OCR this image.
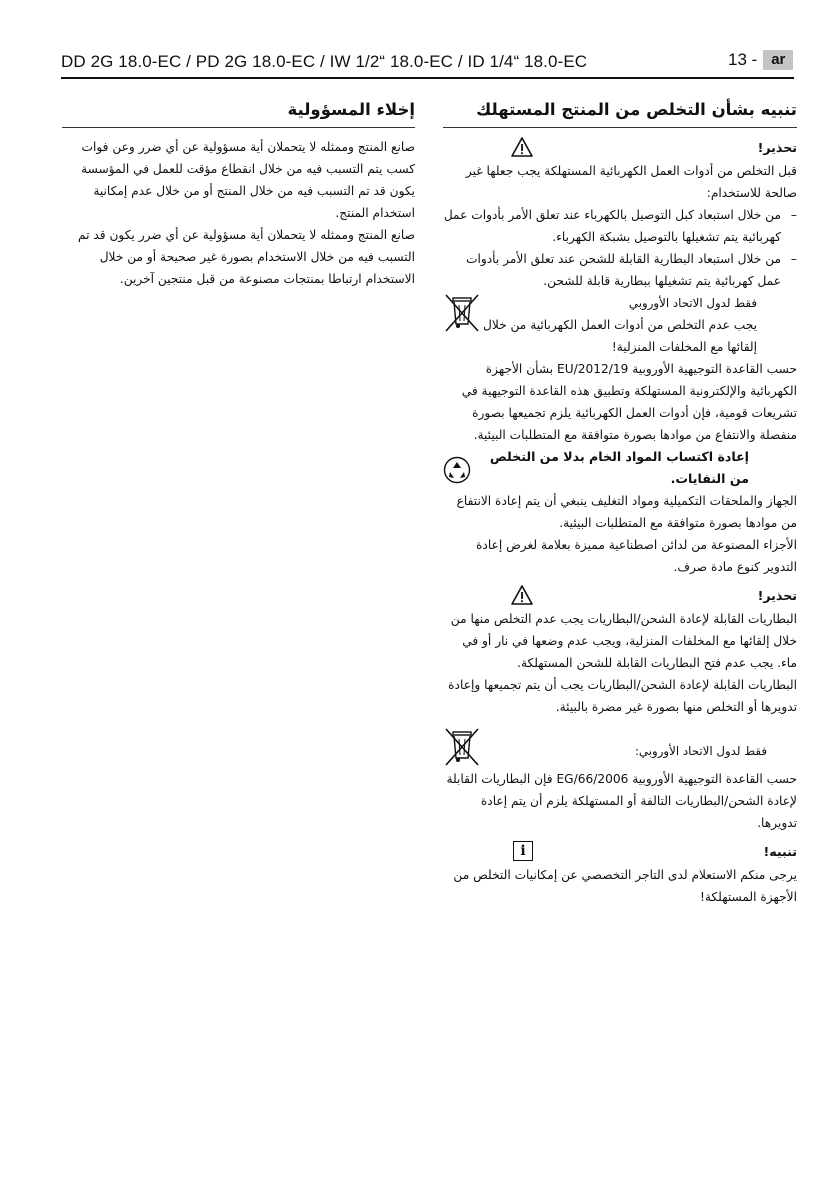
DD 2G 18.0-EC / PD 2G 18.0-EC / IW 1/2“ 18.0-EC / ID 1/4“ 18.0-EC	13 - ar
تنبيه بشأن التخلص من المنتج المستهلك
تحذير!

قبل التخلص من أدوات العمل الكهربائية المستهلكة يجب جعلها غير صالحة للاستخدام:

– من خلال استبعاد كبل التوصيل بالكهرباء عند تعلق الأمر بأدوات عمل كهربائية يتم تشغيلها بالتوصيل بشبكة الكهرباء.
– من خلال استبعاد البطارية القابلة للشحن عند تعلق الأمر بأدوات عمل كهربائية يتم تشغيلها ببطارية قابلة للشحن.

فقط لدول الاتحاد الأوروبي

يجب عدم التخلص من أدوات العمل الكهربائية من خلال إلقائها مع المخلفات المنزلية!

حسب القاعدة التوجيهية الأوروبية 2012/19/EU بشأن الأجهزة الكهربائية والإلكترونية المستهلكة وتطبيق هذه القاعدة التوجيهية في تشريعات قومية، فإن أدوات العمل الكهربائية يلزم تجميعها بصورة منفصلة والانتفاع من موادها بصورة متوافقة مع المتطلبات البيئية.

إعادة اكتساب المواد الخام بدلا من التخلص من النفايات.

الجهاز والملحقات التكميلية ومواد التغليف ينبغي أن يتم إعادة الانتفاع من موادها بصورة متوافقة مع المتطلبات البيئية.

الأجزاء المصنوعة من لدائن اصطناعية مميزة بعلامة لغرض إعادة التدوير كنوع مادة صرف.

تحذير!

البطاريات القابلة لإعادة الشحن/البطاريات يجب عدم التخلص منها من خلال إلقائها مع المخلفات المنزلية، ويجب عدم وضعها في نار أو في ماء. يجب عدم فتح البطاريات القابلة للشحن المستهلكة.

البطاريات القابلة لإعادة الشحن/البطاريات يجب أن يتم تجميعها وإعادة تدويرها أو التخلص منها بصورة غير مضرة بالبيئة.

فقط لدول الاتحاد الأوروبي:

حسب القاعدة التوجيهية الأوروبية EG/66/2006 فإن البطاريات القابلة لإعادة الشحن/البطاريات التالفة أو المستهلكة يلزم أن يتم إعادة تدويرها.

تنبيه!
i

يرجى منكم الاستعلام لدى التاجر التخصصي عن إمكانيات التخلص من الأجهزة المستهلكة!

إخلاء المسؤولية

صانع المنتج وممثله لا يتحملان أية مسؤولية عن أي ضرر وعن فوات كسب يتم التسبب فيه من خلال انقطاع مؤقت للعمل في المؤسسة يكون قد تم التسبب فيه من خلال المنتج أو من خلال عدم إمكانية استخدام المنتج.

صانع المنتج وممثله لا يتحملان أية مسؤولية عن أي ضرر يكون قد تم التسبب فيه من خلال الاستخدام بصورة غير صحيحة أو من خلال الاستخدام ارتباطا بمنتجات مصنوعة من قبل منتجين آخرين.
